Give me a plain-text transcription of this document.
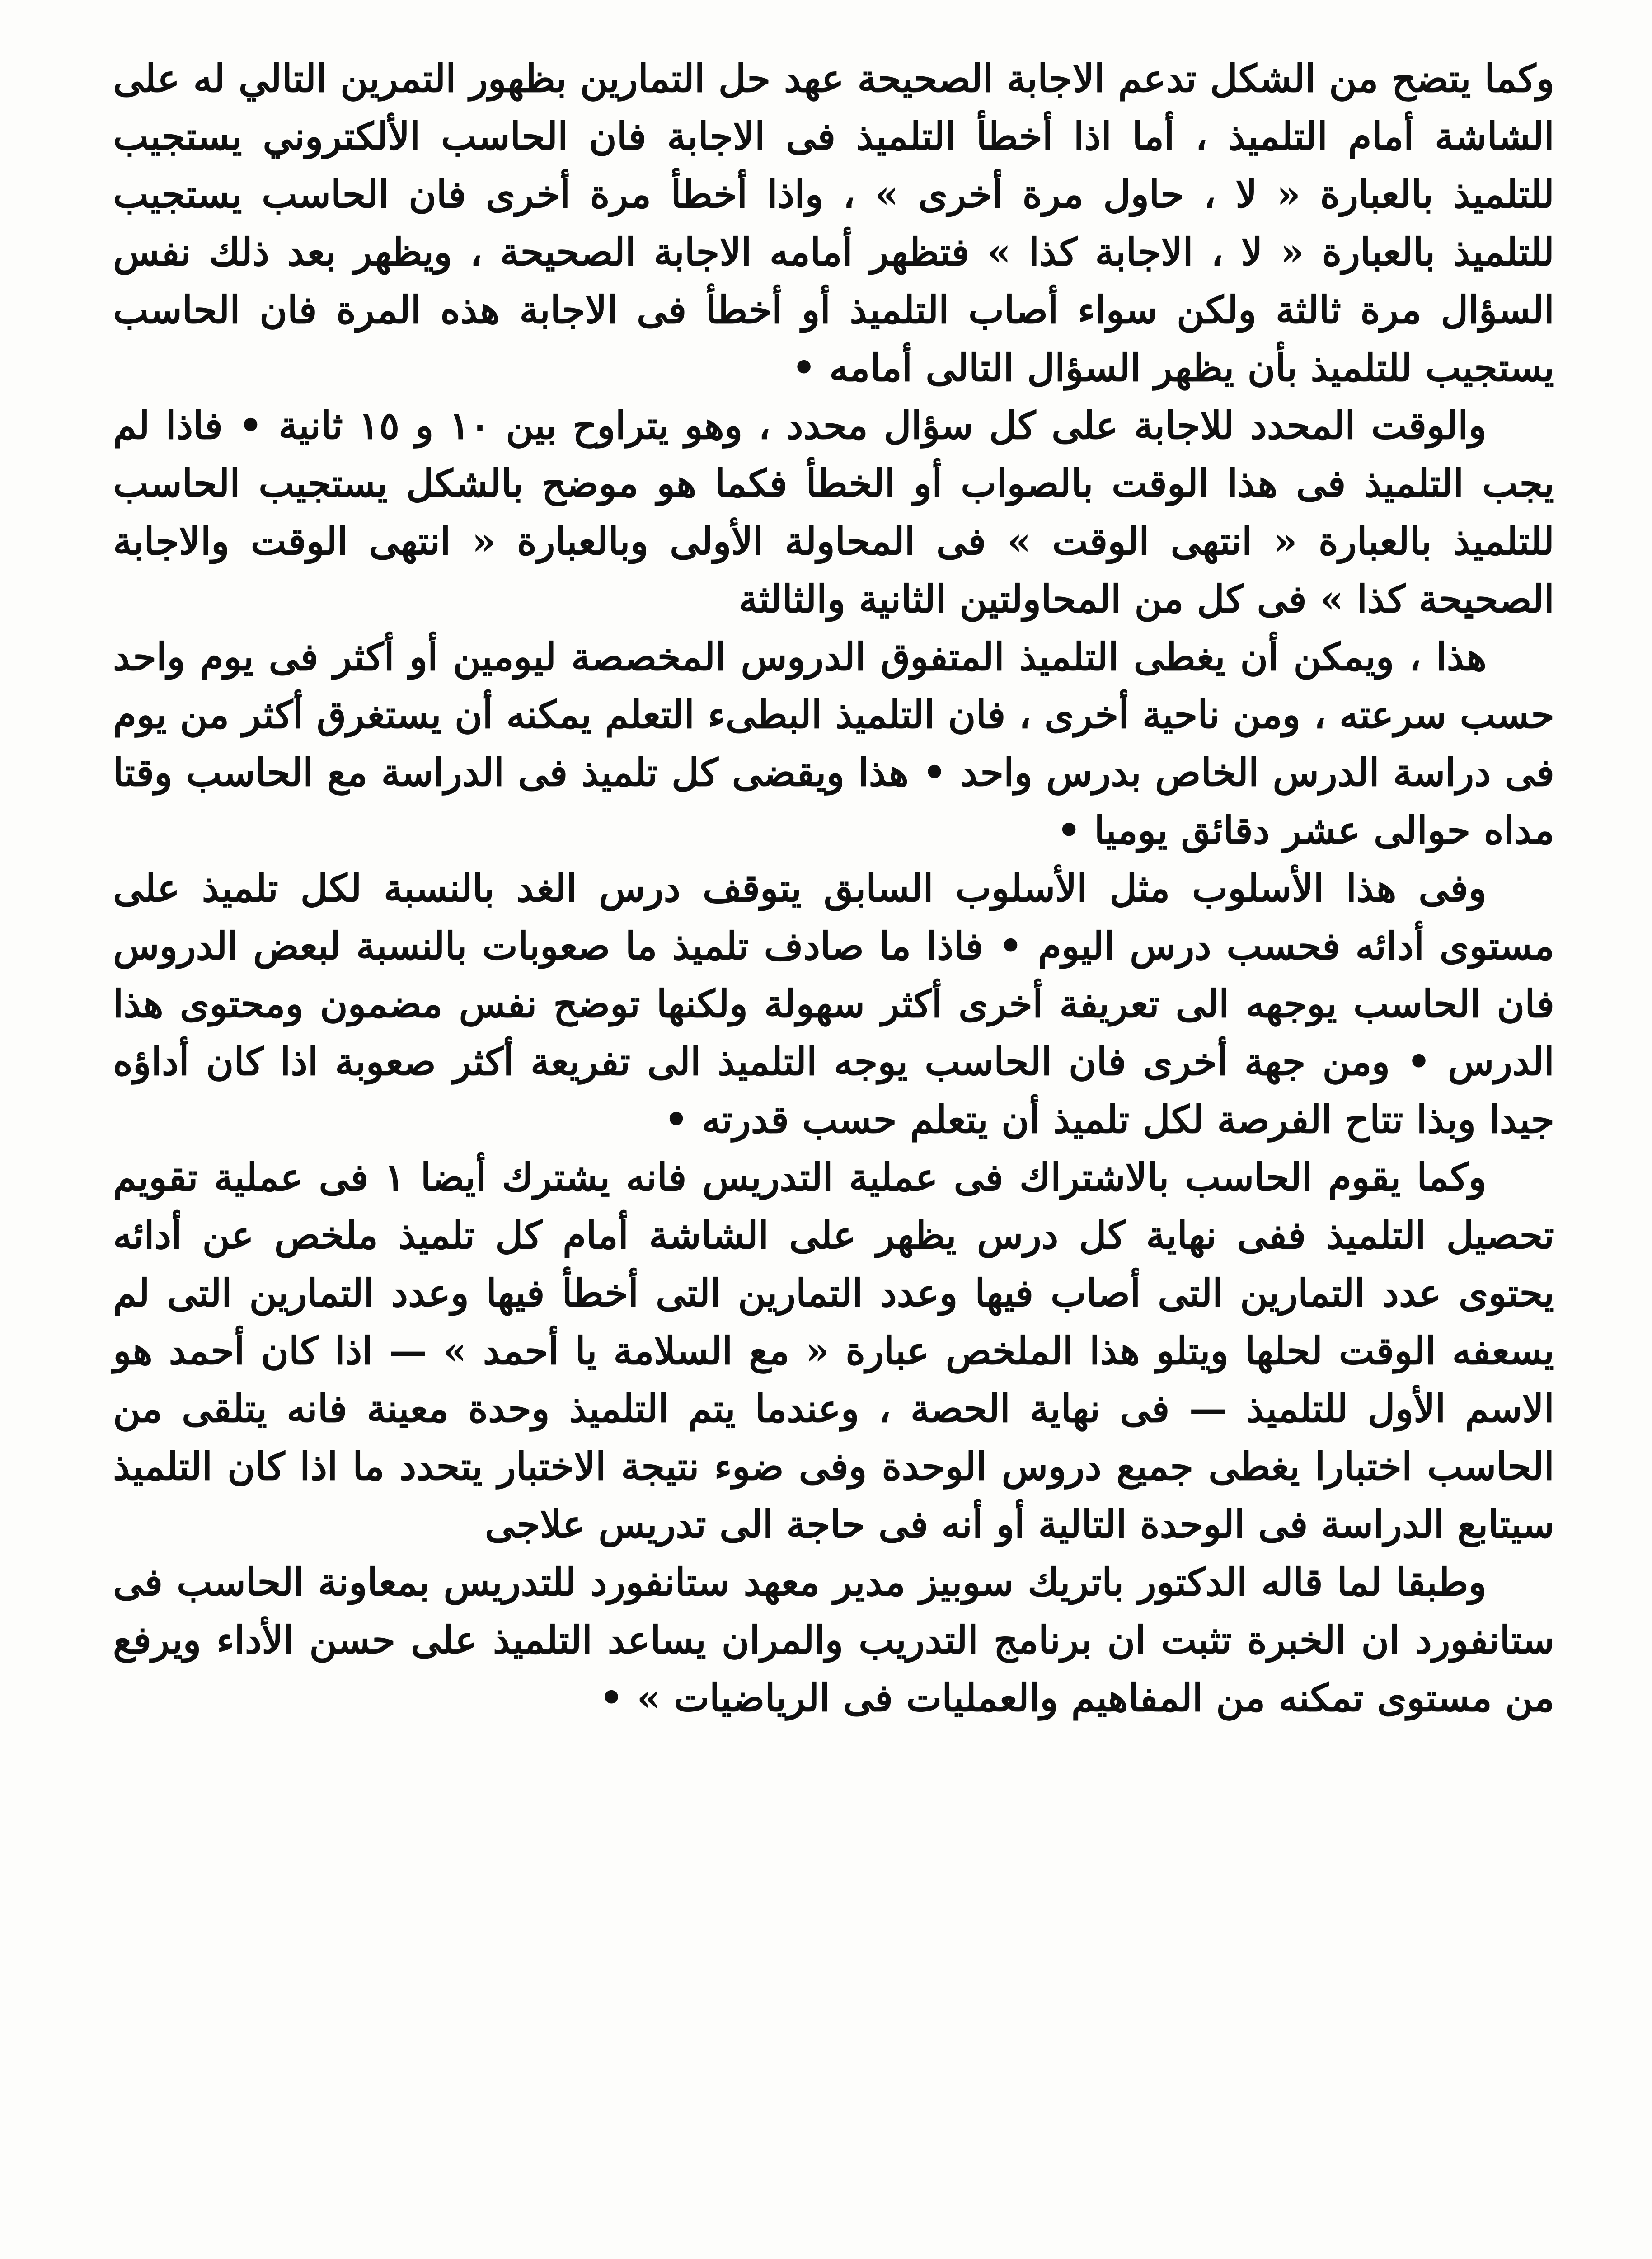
وكما يتضح من الشكل تدعم الاجابة الصحيحة عهد حل التمارين بظهور التمرين التالي له على الشاشة أمام التلميذ ، أما اذا أخطأ التلميذ فى الاجابة فان الحاسب الألكتروني يستجيب للتلميذ بالعبارة « لا ، حاول مرة أخرى » ، واذا أخطأ مرة أخرى فان الحاسب يستجيب للتلميذ بالعبارة « لا ، الاجابة كذا » فتظهر أمامه الاجابة الصحيحة ، ويظهر بعد ذلك نفس السؤال مرة ثالثة ولكن سواء أصاب التلميذ أو أخطأ فى الاجابة هذه المرة فان الحاسب يستجيب للتلميذ بأن يظهر السؤال التالى أمامه •

والوقت المحدد للاجابة على كل سؤال محدد ، وهو يتراوح بين ١٠ و ١٥ ثانية • فاذا لم يجب التلميذ فى هذا الوقت بالصواب أو الخطأ فكما هو موضح بالشكل يستجيب الحاسب للتلميذ بالعبارة « انتهى الوقت » فى المحاولة الأولى وبالعبارة « انتهى الوقت والاجابة الصحيحة كذا » فى كل من المحاولتين الثانية والثالثة

هذا ، ويمكن أن يغطى التلميذ المتفوق الدروس المخصصة ليومين أو أكثر فى يوم واحد حسب سرعته ، ومن ناحية أخرى ، فان التلميذ البطىء التعلم يمكنه أن يستغرق أكثر من يوم فى دراسة الدرس الخاص بدرس واحد • هذا ويقضى كل تلميذ فى الدراسة مع الحاسب وقتا مداه حوالى عشر دقائق يوميا •

وفى هذا الأسلوب مثل الأسلوب السابق يتوقف درس الغد بالنسبة لكل تلميذ على مستوى أدائه فحسب درس اليوم • فاذا ما صادف تلميذ ما صعوبات بالنسبة لبعض الدروس فان الحاسب يوجهه الى تعريفة أخرى أكثر سهولة ولكنها توضح نفس مضمون ومحتوى هذا الدرس • ومن جهة أخرى فان الحاسب يوجه التلميذ الى تفريعة أكثر صعوبة اذا كان أداؤه جيدا وبذا تتاح الفرصة لكل تلميذ أن يتعلم حسب قدرته •

وكما يقوم الحاسب بالاشتراك فى عملية التدريس فانه يشترك أيضا ١ فى عملية تقويم تحصيل التلميذ ففى نهاية كل درس يظهر على الشاشة أمام كل تلميذ ملخص عن أدائه يحتوى عدد التمارين التى أصاب فيها وعدد التمارين التى أخطأ فيها وعدد التمارين التى لم يسعفه الوقت لحلها ويتلو هذا الملخص عبارة « مع السلامة يا أحمد » — اذا كان أحمد هو الاسم الأول للتلميذ — فى نهاية الحصة ، وعندما يتم التلميذ وحدة معينة فانه يتلقى من الحاسب اختبارا يغطى جميع دروس الوحدة وفى ضوء نتيجة الاختبار يتحدد ما اذا كان التلميذ سيتابع الدراسة فى الوحدة التالية أو أنه فى حاجة الى تدريس علاجى

وطبقا لما قاله الدكتور باتريك سوبيز مدير معهد ستانفورد للتدريس بمعاونة الحاسب فى ستانفورد ان الخبرة تثبت ان برنامج التدريب والمران يساعد التلميذ على حسن الأداء ويرفع من مستوى تمكنه من المفاهيم والعمليات فى الرياضيات » •
